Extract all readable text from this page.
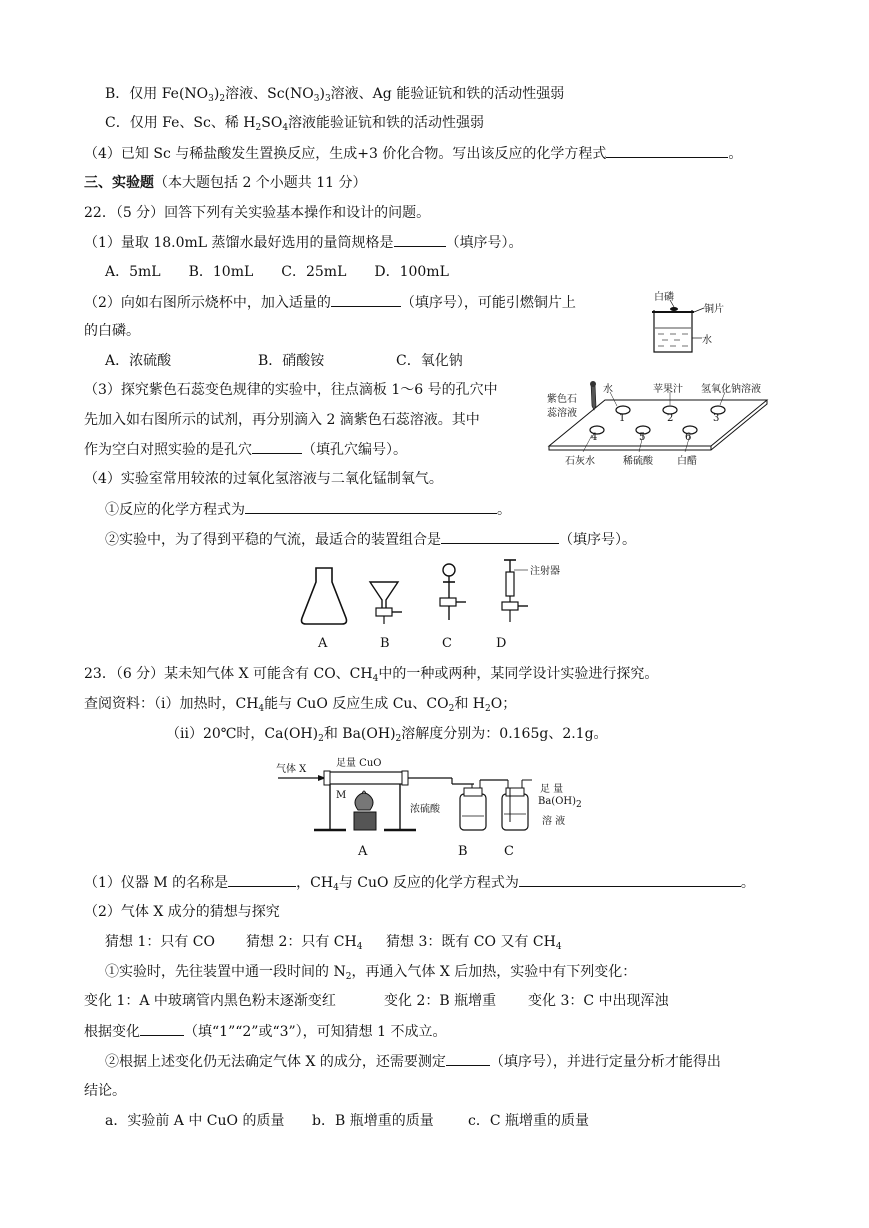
B．仅用 $Fe(NO_3)_2$溶液、$Sc(NO_3)_3$溶液、Ag 能验证钪和铁的活动性强弱
C．仅用 Fe、Sc、稀 $H_2SO_4$溶液能验证钪和铁的活动性强弱
（4）已知 Sc 与稀盐酸发生置换反应，生成+3 价化合物。写出该反应的化学方程式	。
三、实验题（本大题包括 2 个小题共 11 分）
22．（5 分）回答下列有关实验基本操作和设计的问题。
（1）量取 18.0mL 蒸馏水最好选用的量筒规格是	（填序号）。
A．5mL　　B．10mL　　C．25mL　　D．100mL
（2）向如右图所示烧杯中，加入适量的	（填序号），可能引燃铜片上
的白磷。
A．浓硫酸	B．硝酸铵	C．氧化钠
白磷
铜片
水
（3）探究紫色石蕊变色规律的实验中，往点滴板 1～6 号的孔穴中
先加入如右图所示的试剂，再分别滴入 2 滴紫色石蕊溶液。其中
作为空白对照实验的是孔穴	（填孔穴编号）。
紫色石
蕊溶液
水	苹果汁 氢氧化钠溶液
1	2	3
4	5	6
石灰水	稀硫酸 白醋
（4）实验室常用较浓的过氧化氢溶液与二氧化锰制氧气。
①反应的化学方程式为	。
②实验中，为了得到平稳的气流，最适合的装置组合是	（填序号）。
注射器
A	B	C	D
23．（6 分）某未知气体 X 可能含有 CO、$CH_4$中的一种或两种，某同学设计实验进行探究。
查阅资料：（ⅰ）加热时，$CH_4$能与 CuO 反应生成 Cu、$CO_2$和 $H_2O$；
（ⅱ）20℃时，$Ca(OH)_2$和 $Ba(OH)_2$溶解度分别为：0.165g、2.1g。
气体 X
足量 CuO
M
浓硫酸
足 量
Ba(OH)2
溶 液
A	B	C
（1）仪器 M 的名称是	，$CH_4$与 CuO 反应的化学方程式为	。
（2）气体 X 成分的猜想与探究
猜想 1：只有 CO 猜想 2：只有 $CH_4$ 猜想 3：既有 CO 又有 $CH_4$
①实验时，先往装置中通一段时间的 $N_2$，再通入气体 X 后加热，实验中有下列变化：
变化 1：A 中玻璃管内黑色粉末逐渐变红	变化 2：B 瓶增重 变化 3：C 中出现浑浊
根据变化	（填“1”“2”或“3”），可知猜想 1 不成立。
②根据上述变化仍无法确定气体 X 的成分，还需要测定	（填序号），并进行定量分析才能得出
结论。
a．实验前 A 中 CuO 的质量 b．B 瓶增重的质量 c．C 瓶增重的质量
